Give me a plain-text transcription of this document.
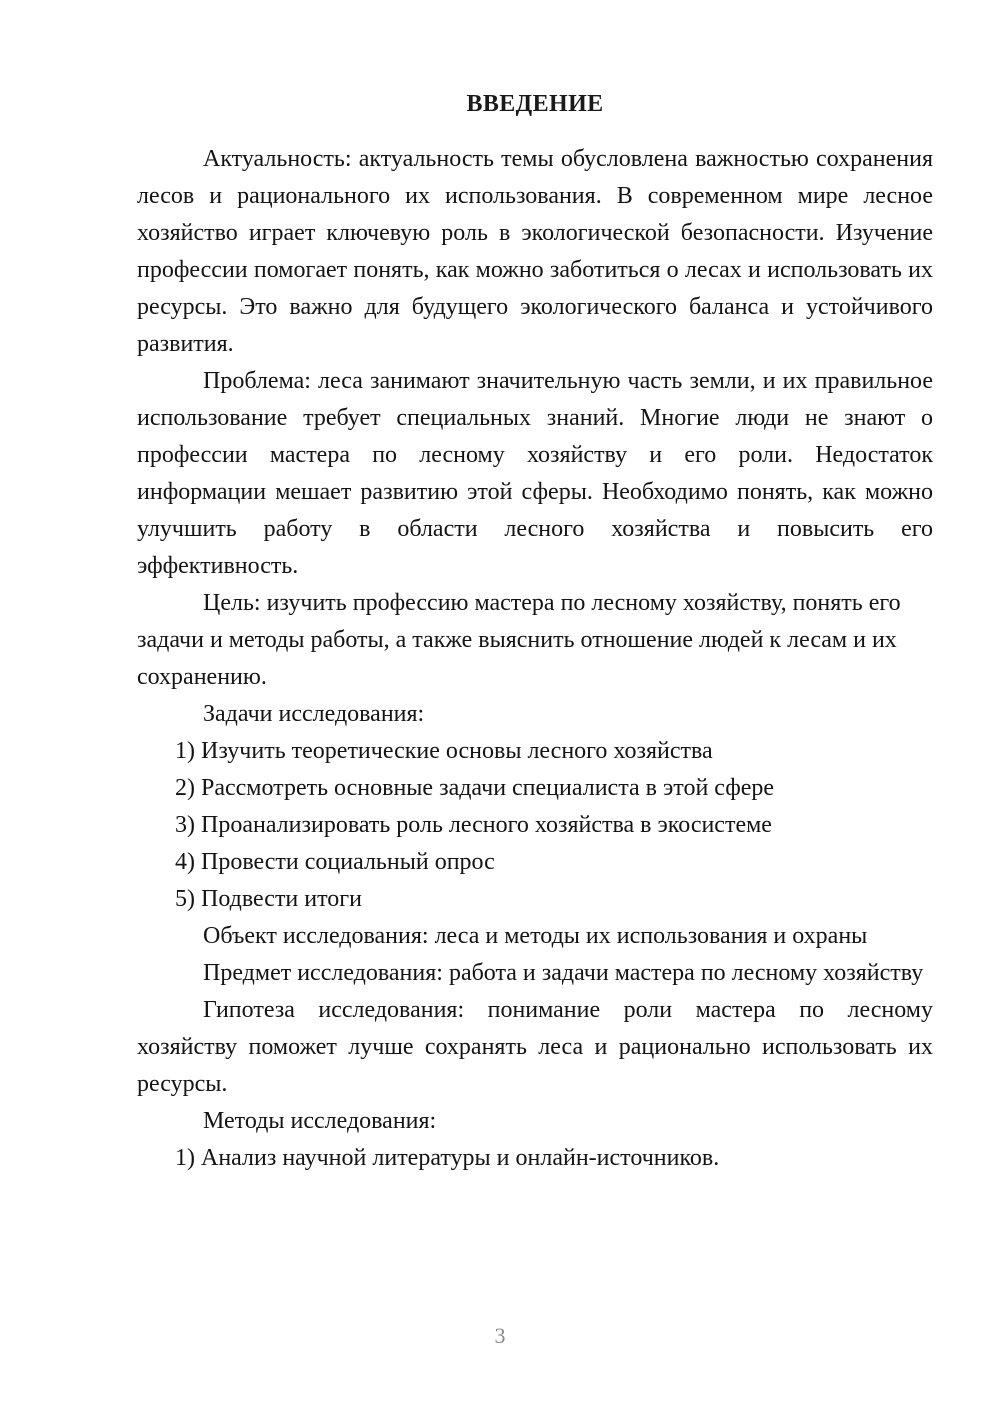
ВВЕДЕНИЕ

Актуальность: актуальность темы обусловлена важностью сохранения лесов и рационального их использования. В современном мире лесное хозяйство играет ключевую роль в экологической безопасности. Изучение профессии помогает понять, как можно заботиться о лесах и использовать их ресурсы. Это важно для будущего экологического баланса и устойчивого развития.

Проблема: леса занимают значительную часть земли, и их правильное использование требует специальных знаний. Многие люди не знают о профессии мастера по лесному хозяйству и его роли. Недостаток информации мешает развитию этой сферы. Необходимо понять, как можно улучшить работу в области лесного хозяйства и повысить его эффективность.

Цель: изучить профессию мастера по лесному хозяйству, понять его задачи и методы работы, а также выяснить отношение людей к лесам и их сохранению.

Задачи исследования:

1) Изучить теоретические основы лесного хозяйства

2) Рассмотреть основные задачи специалиста в этой сфере

3) Проанализировать роль лесного хозяйства в экосистеме

4) Провести социальный опрос

5) Подвести итоги

Объект исследования: леса и методы их использования и охраны

Предмет исследования: работа и задачи мастера по лесному хозяйству

Гипотеза исследования: понимание роли мастера по лесному хозяйству поможет лучше сохранять леса и рационально использовать их ресурсы.

Методы исследования:

1) Анализ научной литературы и онлайн-источников.

3
